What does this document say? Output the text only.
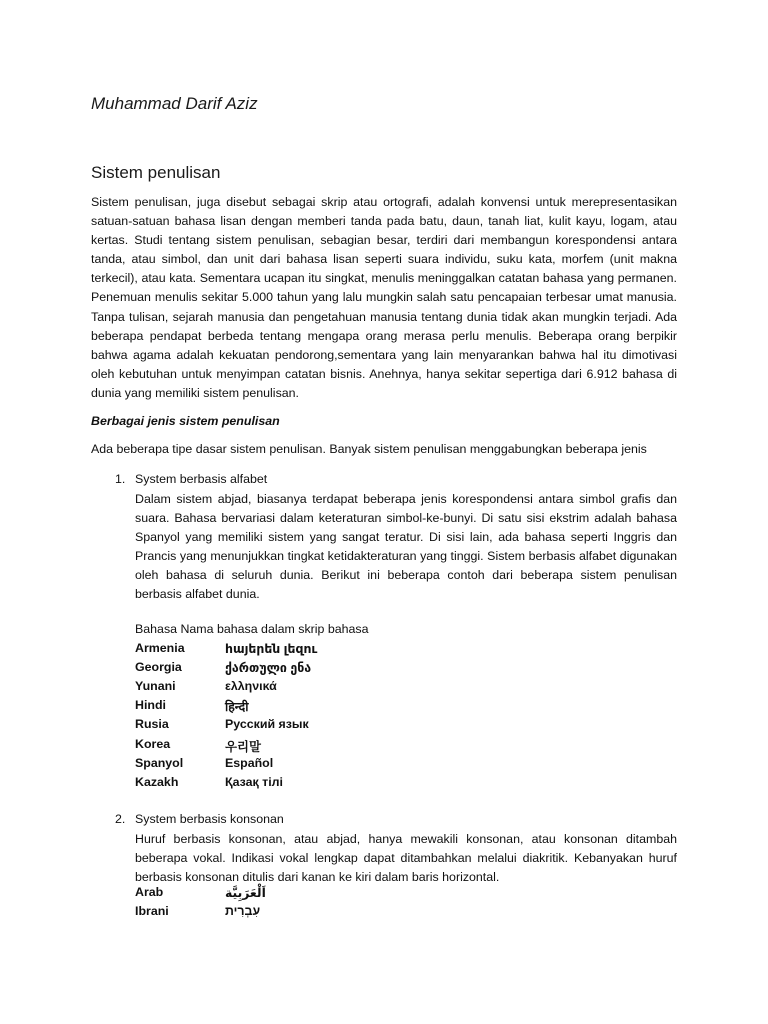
Muhammad Darif Aziz
Sistem penulisan
Sistem penulisan, juga disebut sebagai skrip atau ortografi, adalah konvensi untuk merepresentasikan satuan-satuan bahasa lisan dengan memberi tanda pada batu, daun, tanah liat, kulit kayu, logam, atau kertas. Studi tentang sistem penulisan, sebagian besar, terdiri dari membangun korespondensi antara tanda, atau simbol, dan unit dari bahasa lisan seperti suara individu, suku kata, morfem (unit makna terkecil), atau kata. Sementara ucapan itu singkat, menulis meninggalkan catatan bahasa yang permanen. Penemuan menulis sekitar 5.000 tahun yang lalu mungkin salah satu pencapaian terbesar umat manusia. Tanpa tulisan, sejarah manusia dan pengetahuan manusia tentang dunia tidak akan mungkin terjadi. Ada beberapa pendapat berbeda tentang mengapa orang merasa perlu menulis. Beberapa orang berpikir bahwa agama adalah kekuatan pendorong,sementara yang lain menyarankan bahwa hal itu dimotivasi oleh kebutuhan untuk menyimpan catatan bisnis. Anehnya, hanya sekitar sepertiga dari 6.912 bahasa di dunia yang memiliki sistem penulisan.
Berbagai jenis sistem penulisan
Ada beberapa tipe dasar sistem penulisan. Banyak sistem penulisan menggabungkan beberapa jenis
1. System berbasis alfabet
Dalam sistem abjad, biasanya terdapat beberapa jenis korespondensi antara simbol grafis dan suara. Bahasa bervariasi dalam keteraturan simbol-ke-bunyi. Di satu sisi ekstrim adalah bahasa Spanyol yang memiliki sistem yang sangat teratur. Di sisi lain, ada bahasa seperti Inggris dan Prancis yang menunjukkan tingkat ketidakteraturan yang tinggi. Sistem berbasis alfabet digunakan oleh bahasa di seluruh dunia. Berikut ini beberapa contoh dari beberapa sistem penulisan berbasis alfabet dunia.
Bahasa Nama bahasa dalam skrip bahasa
Armenia	հայերեն լեզու
Georgia	ქართული ენა
Yunani	ελληνικά
Hindi	हिन्दी
Rusia	Русский язык
Korea	우리말
Spanyol	Español
Kazakh	Қазақ тілі
2. System berbasis konsonan
Huruf berbasis konsonan, atau abjad, hanya mewakili konsonan, atau konsonan ditambah beberapa vokal. Indikasi vokal lengkap dapat ditambahkan melalui diakritik. Kebanyakan huruf berbasis konsonan ditulis dari kanan ke kiri dalam baris horizontal.
Arab	اَلْعَرَبِيَّة
Ibrani	עִבְרִית
